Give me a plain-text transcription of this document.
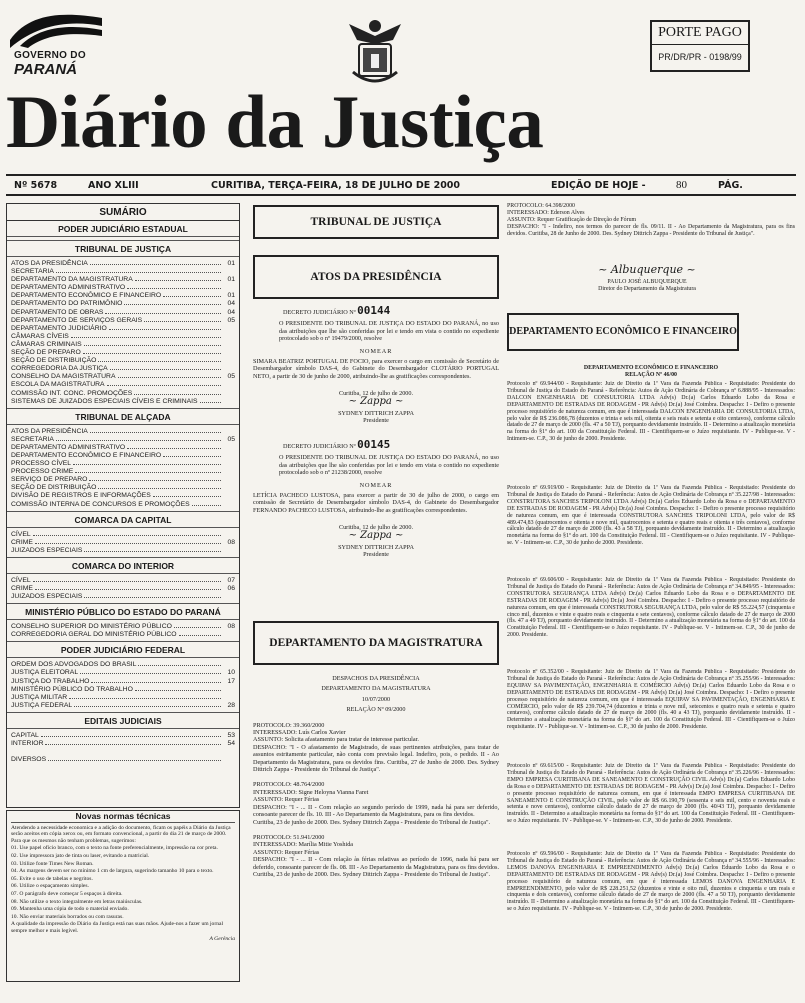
GOVERNO DO
PARANÁ
PORTE PAGO
PR/DR/PR - 0198/99
Diário da Justiça
Nº 5678	ANO XLIII	CURITIBA, TERÇA-FEIRA, 18 DE JULHO DE 2000	EDIÇÃO DE HOJE -	80	PÁG.
SUMÁRIO
PODER JUDICIÁRIO ESTADUAL
TRIBUNAL DE JUSTIÇA
ATOS DA PRESIDÊNCIA	01
SECRETARIA
DEPARTAMENTO DA MAGISTRATURA	01
DEPARTAMENTO ADMINISTRATIVO
DEPARTAMENTO ECONÔMICO E FINANCEIRO	01
DEPARTAMENTO DO PATRIMÔNIO	04
DEPARTAMENTO DE OBRAS	04
DEPARTAMENTO DE SERVIÇOS GERAIS	05
DEPARTAMENTO JUDICIÁRIO
CÂMARAS CÍVEIS
CÂMARAS CRIMINAIS
SEÇÃO DE PREPARO
SEÇÃO DE DISTRIBUIÇÃO
CORREGEDORIA DA JUSTIÇA
CONSELHO DA MAGISTRATURA	05
ESCOLA DA MAGISTRATURA
COMISSÃO INT. CONC. PROMOÇÕES
SISTEMAS DE JUIZADOS ESPECIAIS CÍVEIS E CRIMINAIS
TRIBUNAL DE ALÇADA
ATOS DA PRESIDÊNCIA
SECRETARIA	05
DEPARTAMENTO ADMINISTRATIVO
DEPARTAMENTO ECONÔMICO E FINANCEIRO
PROCESSO CÍVEL
PROCESSO CRIME
SERVIÇO DE PREPARO
SEÇÃO DE DISTRIBUIÇÃO
DIVISÃO DE REGISTROS E INFORMAÇÕES
COMISSÃO INTERNA DE CONCURSOS E PROMOÇÕES
COMARCA DA CAPITAL
CÍVEL
CRIME	08
JUIZADOS ESPECIAIS
COMARCA DO INTERIOR
CÍVEL	07
CRIME	06
JUIZADOS ESPECIAIS
MINISTÉRIO PÚBLICO DO ESTADO DO PARANÁ
CONSELHO SUPERIOR DO MINISTÉRIO PÚBLICO	08
CORREGEDORIA GERAL DO MINISTÉRIO PÚBLICO
PODER JUDICIÁRIO FEDERAL
ORDEM DOS ADVOGADOS DO BRASIL
JUSTIÇA ELEITORAL	10
JUSTIÇA DO TRABALHO	17
MINISTÉRIO PÚBLICO DO TRABALHO
JUSTIÇA MILITAR
JUSTIÇA FEDERAL	28
EDITAIS JUDICIAIS
CAPITAL	53
INTERIOR	54
DIVERSOS
Novas normas técnicas

Atendendo a necessidade economica e a adição do documento, ficam os papéis a Diário da Justiça serão aceitos em cópia xerox ou, em formato convencional, a partir do dia 21 de março de 2000. Para que os mesmos não tenham problemas, sugerimos:

01. Use papel ofício branco, com o texto na fonte preferencialmente, impressão na cor preta.

02. Use impressora jato de tinta ou laser, evitando a matricial.

03. Utilize fonte Times New Roman.

04. As margens devem ser no mínimo 1 cm de largura, sugerindo tamanho 10 para o texto.

05. Evite o uso de tabelas e negritos.

06. Utilize o espaçamento simples.

07. O parágrafo deve começar 5 espaços à direita.

08. Não utilize o texto integralmente em letras maiúsculas.

09. Mantenha uma cópia de todo o material enviado.

10. Não enviar materiais borrados ou com rasuras.

A qualidade da impressão do Diário da Justiça está nas suas mãos. Ajude-nos a fazer um jornal sempre melhor e mais legível.

A Gerência

TRIBUNAL DE JUSTIÇA
ATOS DA PRESIDÊNCIA
DECRETO JUDICIÁRIO Nº 00144
O PRESIDENTE DO TRIBUNAL DE JUSTIÇA DO ESTADO DO PARANÁ, no uso das atribuições que lhe são conferidas por lei e tendo em vista o contido no expediente protocolado sob o nº 19479/2000, resolve
NOMEAR
SIMARA BEATRIZ PORTUGAL DE FOCIO, para exercer o cargo em comissão de Secretário de Desembargador símbolo DAS-4, do Gabinete do Desembargador CLOTÁRIO PORTUGAL NETO, a partir de 30 de junho de 2000, atribuindo-lhe as gratificações correspondentes.
Curitiba, 12 de julho de 2000.
~ Zappa ~
SYDNEY DITTRICH ZAPPA
Presidente
DECRETO JUDICIÁRIO Nº 00145
O PRESIDENTE DO TRIBUNAL DE JUSTIÇA DO ESTADO DO PARANÁ, no uso das atribuições que lhe são conferidas por lei e tendo em vista o contido no expediente protocolado sob o nº 21238/2000, resolve
NOMEAR
LETÍCIA PACHECO LUSTOSA, para exercer a partir de 30 de julho de 2000, o cargo em comissão de Secretário de Desembargador símbolo DAS-4, do Gabinete do Desembargador FERNANDO PACHECO LUSTOSA, atribuindo-lhe as gratificações correspondentes.
Curitiba, 12 de julho de 2000.
~ Zappa ~
SYDNEY DITTRICH ZAPPA
Presidente
DEPARTAMENTO DA MAGISTRATURA
DESPACHOS DA PRESIDÊNCIA
DEPARTAMENTO DA MAGISTRATURA
10/07/2000
RELAÇÃO Nº 09/2000
PROTOCOLO: 39.360/2000
INTERESSADO: Luís Carlos Xavier
ASSUNTO: Solicita afastamento para tratar de interesse particular.
DESPACHO: "I - O afastamento de Magistrado, de suas pertinentes atribuições, para tratar de assuntos estritamente particular, não conta com previsão legal. Indefiro, pois, o pedido. II - Ao Departamento da Magistratura, para os devidos fins. Curitiba, 27 de Junho de 2000. Des. Sydney Dittrich Zappa - Presidente do Tribunal de Justiça".
PROTOCOLO: 48.764/2000
INTERESSADO: Signe Heloyna Vianna Faret
ASSUNTO: Requer Férias
DESPACHO: "I - ... II - Com relação ao segundo período de 1999, nada há para ser deferido, consoante parecer de fls. 10. III - Ao Departamento da Magistratura, para os fins devidos.
Curitiba, 23 de junho de 2000. Des. Sydney Dittrich Zappa - Presidente do Tribunal de Justiça".
PROTOCOLO: 51.941/2000
INTERESSADO: Marília Mitie Yoshida
ASSUNTO: Requer Férias
DESPACHO: "I - ... II - Com relação às férias relativas ao período de 1996, nada há para ser deferido, consoante parecer de fls. 08. III - Ao Departamento da Magistratura, para os fins devidos. Curitiba, 23 de junho de 2000. Des. Sydney Dittrich Zappa - Presidente do Tribunal de Justiça".
PROTOCOLO: 64.398/2000
INTERESSADO: Ederson Alves
ASSUNTO: Requer Gratificação de Direção de Fórum
DESPACHO: "I - Indefiro, nos termos do parecer de fls. 09/11. II - Ao Departamento da Magistratura, para os fins devidos. Curitiba, 28 de Junho de 2000. Des. Sydney Dittrich Zappa - Presidente do Tribunal de Justiça".
~ Albuquerque ~
PAULO JOSÉ ALBUQUERQUE
Diretor do Departamento da Magistratura
DEPARTAMENTO ECONÔMICO E FINANCEIRO
DEPARTAMENTO ECONÔMICO E FINANCEIRO
RELAÇÃO Nº 46/00
Protocolo nº 69.944/00 - Requisitante: Juiz de Direito da 1ª Vara da Fazenda Pública - Requisitado: Presidente do Tribunal de Justiça do Estado do Paraná - Referência: Autos de Ação Ordinária de Cobrança nº 6.888/95 - Interessados: DALCON ENGENHARIA DE CONSULTORIA LTDA Adv(s) Dr.(a) Carlos Eduardo Lobo da Rosa e DEPARTAMENTO DE ESTRADAS DE RODAGEM - PR Adv(s) Dr.(a) José Coimbra. Despacho: I - Defiro o presente processo requisitório de natureza comum, em que é interessada DALCON ENGENHARIA DE CONSULTORIA LTDA, pelo valor de R$ 236.086,78 (duzentos e trinta e seis mil, oitenta e seis reais e setenta e oito centavos), conforme cálculo datado de 27 de março de 2000 (fls. 47 a 50 TJ), porquanto devidamente instruído. II - Determino a atualização monetária na forma do §1º do art. 100 da Constituição Federal. III - Cientifiquem-se o Juízo requisitante. IV - Publique-se. V - Intimem-se. C.P., 30 de junho de 2000. Presidente.
Protocolo nº 69.919/00 - Requisitante: Juiz de Direito da 1ª Vara da Fazenda Pública - Requisitado: Presidente do Tribunal de Justiça do Estado do Paraná - Referência: Autos de Ação Ordinária de Cobrança nº 35.227/98 - Interessados: CONSTRUTORA SANCHES TRIPOLONI LTDA Adv(s) Dr.(a) Carlos Eduardo Lobo da Rosa e o DEPARTAMENTO DE ESTRADAS DE RODAGEM - PR Adv(s) Dr.(a) José Coimbra. Despacho: I - Defiro o presente processo requisitório de natureza comum, em que é interessada CONSTRUTORA SANCHES TRIPOLONI LTDA, pelo valor de R$ 489.474,83 (quatrocentos e oitenta e nove mil, quatrocentos e setenta e quatro reais e oitenta e três centavos), conforme cálculo datado de 27 de março de 2000 (fls. 43 a 58 TJ), porquanto devidamente instruído. II - Determino a atualização monetária na forma do §1º do art. 100 da Constituição Federal. III - Cientifiquem-se o Juízo requisitante. IV - Publique-se. V - Intimem-se. C.P., 30 de junho de 2000. Presidente.
Protocolo nº 69.606/00 - Requisitante: Juiz de Direito da 1ª Vara da Fazenda Pública - Requisitado: Presidente do Tribunal de Justiça do Estado do Paraná - Referência: Autos de Ação Ordinária de Cobrança nº 34.849/95 - Interessados: CONSTRUTORA SEGURANÇA LTDA Adv(s) Dr.(a) Carlos Eduardo Lobo da Rosa e o DEPARTAMENTO DE ESTRADAS DE RODAGEM - PR Adv(s) Dr.(a) José Coimbra. Despacho: I - Defiro o presente processo requisitório de natureza comum, em que é interessada CONSTRUTORA SEGURANÇA LTDA, pelo valor de R$ 55.224,57 (cinquenta e cinco mil, duzentos e vinte e quatro reais e cinquenta e sete centavos), conforme cálculo datado de 27 de março de 2000 (fls. 47 a 49 TJ), porquanto devidamente instruído. II - Determino a atualização monetária na forma do §1º do art. 100 da Constituição Federal. III - Cientifiquem-se o Juízo requisitante. IV - Publique-se. V - Intimem-se. C.P., 30 de junho de 2000. Presidente.
Protocolo nº 65.352/00 - Requisitante: Juiz de Direito da 1ª Vara da Fazenda Pública - Requisitado: Presidente do Tribunal de Justiça do Estado do Paraná - Referência: Autos de Ação Ordinária de Cobrança nº 35.255/96 - Interessados: EQUIPAV SA PAVIMENTAÇÃO, ENGENHARIA E COMÉRCIO Adv(s) Dr.(a) Carlos Eduardo Lobo da Rosa e o DEPARTAMENTO DE ESTRADAS DE RODAGEM - PR Adv(s) Dr.(a) José Coimbra. Despacho: I - Defiro o presente processo requisitório de natureza comum, em que é interessada EQUIPAV SA PAVIMENTAÇÃO, ENGENHARIA E COMÉRCIO, pelo valor de R$ 239.704,74 (duzentos e trinta e nove mil, setecentos e quatro reais e setenta e quatro centavos), conforme cálculo datado de 27 de março de 2000 (fls. 40 a 43 TJ), porquanto devidamente instruído. II - Determino a atualização monetária na forma do §1º do art. 100 da Constituição Federal. III - Cientifiquem-se o Juízo requisitante. IV - Publique-se. V - Intimem-se. C.P., 30 de junho de 2000. Presidente.
Protocolo nº 69.615/00 - Requisitante: Juiz de Direito da 1ª Vara da Fazenda Pública - Requisitado: Presidente do Tribunal de Justiça do Estado do Paraná - Referência: Autos de Ação Ordinária de Cobrança nº 35.226/96 - Interessados: EMPO EMPRESA CURITIBANA DE SANEAMENTO E CONSTRUÇÃO CIVIL Adv(s) Dr.(a) Carlos Eduardo Lobo da Rosa e o DEPARTAMENTO DE ESTRADAS DE RODAGEM - PR Adv(s) Dr.(a) José Coimbra. Despacho: I - Defiro o presente processo requisitório de natureza comum, em que é interessada EMPO EMPRESA CURITIBANA DE SANEAMENTO E CONSTRUÇÃO CIVIL, pelo valor de R$ 66.190,79 (sessenta e seis mil, cento e noventa reais e setenta e nove centavos), conforme cálculo datado de 27 de março de 2000 (fls. 40/43 TJ), porquanto devidamente instruído. II - Determino a atualização monetária na forma do §1º do art. 100 da Constituição Federal. III - Cientifiquem-se o Juízo requisitante. IV - Publique-se. V - Intimem-se. C.P., 30 de junho de 2000. Presidente.
Protocolo nº 69.596/00 - Requisitante: Juiz de Direito da 1ª Vara da Fazenda Pública - Requisitado: Presidente do Tribunal de Justiça do Estado do Paraná - Referência: Autos de Ação Ordinária de Cobrança nº 34.555/96 - Interessados: LEMOS DANOVA ENGENHARIA E EMPREENDIMENTO Adv(s) Dr.(a) Carlos Eduardo Lobo da Rosa e o DEPARTAMENTO DE ESTRADAS DE RODAGEM - PR Adv(s) Dr.(a) José Coimbra. Despacho: I - Defiro o presente processo requisitório de natureza comum, em que é interessada LEMOS DANOVA ENGENHARIA E EMPREENDIMENTO, pelo valor de R$ 228.251,52 (duzentos e vinte e oito mil, duzentos e cinquenta e um reais e cinquenta e dois centavos), conforme cálculo datado de 27 de março de 2000 (fls. 47 a 50 TJ), porquanto devidamente instruído. II - Determino a atualização monetária na forma do §1º do art. 100 da Constituição Federal. III - Cientifiquem-se o Juízo requisitante. IV - Publique-se. V - Intimem-se. C.P., 30 de junho de 2000. Presidente.
